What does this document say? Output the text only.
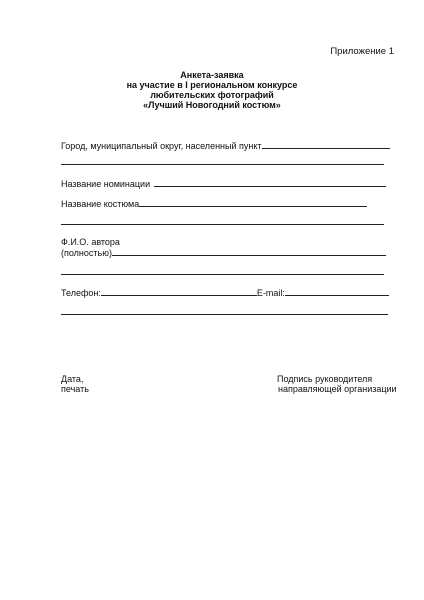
Приложение 1
Анкета-заявка
на участие в I региональном конкурсе
любительских фотографий
«Лучший Новогодний костюм»
Город, муниципальный округ, населенный пункт
Название номинации
Название костюма
Ф.И.О. автора
(полностью)
Телефон:	E-mail:
Дата,
печать
Подпись руководителя
направляющей организации
